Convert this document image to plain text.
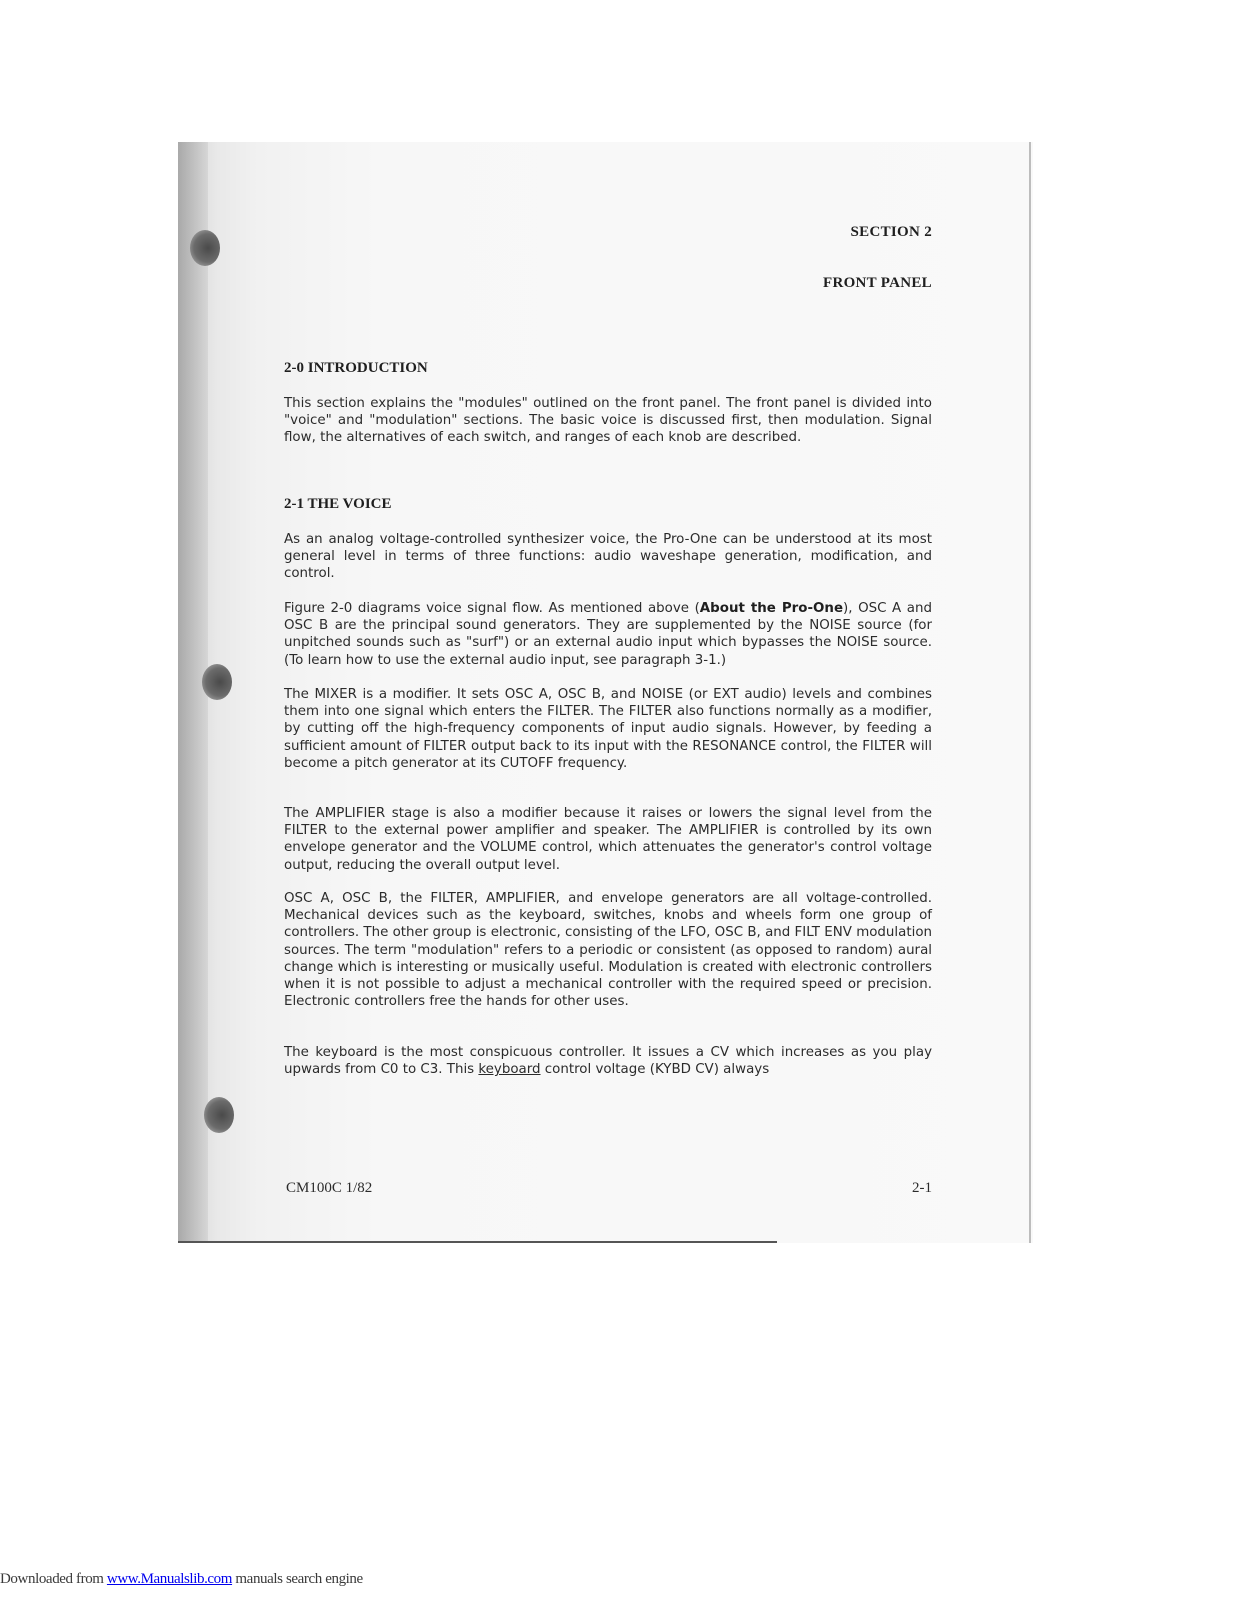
SECTION 2
FRONT PANEL
2-0 INTRODUCTION

This section explains the "modules" outlined on the front panel. The front panel is divided into "voice" and "modulation" sections. The basic voice is discussed first, then modulation. Signal flow, the alternatives of each switch, and ranges of each knob are described.

2-1 THE VOICE

As an analog voltage-controlled synthesizer voice, the Pro-One can be understood at its most general level in terms of three functions: audio waveshape generation, modification, and control.

Figure 2-0 diagrams voice signal flow. As mentioned above (About the Pro-One), OSC A and OSC B are the principal sound generators. They are supplemented by the NOISE source (for unpitched sounds such as "surf") or an external audio input which bypasses the NOISE source. (To learn how to use the external audio input, see paragraph 3-1.)

The MIXER is a modifier. It sets OSC A, OSC B, and NOISE (or EXT audio) levels and combines them into one signal which enters the FILTER. The FILTER also functions normally as a modifier, by cutting off the high-frequency components of input audio signals. However, by feeding a sufficient amount of FILTER output back to its input with the RESONANCE control, the FILTER will become a pitch generator at its CUTOFF frequency.

The AMPLIFIER stage is also a modifier because it raises or lowers the signal level from the FILTER to the external power amplifier and speaker. The AMPLIFIER is controlled by its own envelope generator and the VOLUME control, which attenuates the generator's control voltage output, reducing the overall output level.

OSC A, OSC B, the FILTER, AMPLIFIER, and envelope generators are all voltage-controlled. Mechanical devices such as the keyboard, switches, knobs and wheels form one group of controllers. The other group is electronic, consisting of the LFO, OSC B, and FILT ENV modulation sources. The term "modulation" refers to a periodic or consistent (as opposed to random) aural change which is interesting or musically useful. Modulation is created with electronic controllers when it is not possible to adjust a mechanical controller with the required speed or precision. Electronic controllers free the hands for other uses.

The keyboard is the most conspicuous controller. It issues a CV which increases as you play upwards from C0 to C3. This keyboard control voltage (KYBD CV) always

CM100C 1/82	2-1
Downloaded from www.Manualslib.com manuals search engine
